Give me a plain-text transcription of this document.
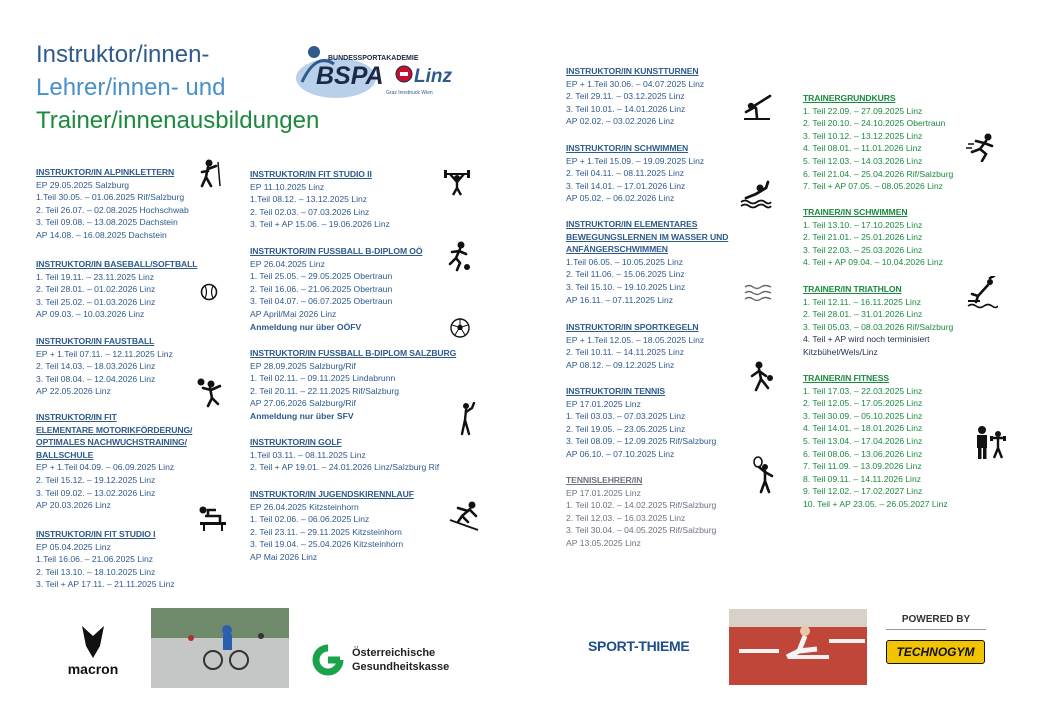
Instruktor/innen-
Lehrer/innen- und
Trainer/innenausbildungen
BUNDESSPORTAKADEMIE
BSPA Linz
Graz Innsbruck Wien
INSTRUKTOR/IN ALPINKLETTERN
EP 29.05.2025 Salzburg
1.Teil 30.05. – 01.06.2025 Rif/Salzburg
2. Teil 26.07. – 02.08.2025 Hochschwab
3. Teil 09.08. – 13.08.2025 Dachstein
AP 14.08. – 16.08.2025 Dachstein
INSTRUKTOR/IN BASEBALL/SOFTBALL
1. Teil 19.11. – 23.11.2025 Linz
2. Teil 28.01. – 01.02.2026 Linz
3. Teil 25.02. – 01.03.2026 Linz
AP 09.03. – 10.03.2026 Linz
INSTRUKTOR/IN FAUSTBALL
EP + 1.Teil 07.11. – 12.11.2025 Linz
2. Teil 14.03. – 18.03.2026 Linz
3. Teil 08.04. – 12.04.2026 Linz
AP 22.05.2026 Linz
INSTRUKTOR/IN FIT
ELEMENTARE MOTORIKFÖRDERUNG/
OPTIMALES NACHWUCHSTRAINING/
BALLSCHULE
EP + 1.Teil 04.09. – 06.09.2025 Linz
2. Teil 15.12. – 19.12.2025 Linz
3. Teil 09.02. – 13.02.2026 Linz
AP 20.03.2026 Linz
INSTRUKTOR/IN FIT STUDIO I
EP 05.04.2025 Linz
1.Teil 16.06. – 21.06.2025 Linz
2. Teil 13.10. – 18.10.2025 Linz
3. Teil + AP 17.11. – 21.11.2025 Linz
INSTRUKTOR/IN FIT STUDIO II
EP 11.10.2025 Linz
1.Teil 08.12. – 13.12.2025 Linz
2. Teil 02.03. – 07.03.2026 Linz
3. Teil + AP 15.06. – 19.06.2026 Linz
INSTRUKTOR/IN FUSSBALL B-DIPLOM OÖ
EP 26.04.2025 Linz
1. Teil 25.05. – 29.05.2025 Obertraun
2. Teil 16.06. – 21.06.2025 Obertraun
3. Teil 04.07. – 06.07.2025 Obertraun
AP April/Mai 2026 Linz
Anmeldung nur über OÖFV
INSTRUKTOR/IN FUSSBALL B-DIPLOM SALZBURG
EP 28.09.2025 Salzburg/Rif
1. Teil 02.11. – 09.11.2025 Lindabrunn
2. Teil 20.11. – 22.11.2025 Rif/Salzburg
AP 27.06.2026 Salzburg/Rif
Anmeldung nur über SFV
INSTRUKTOR/IN GOLF
1.Teil 03.11. – 08.11.2025 Linz
2. Teil + AP 19.01. – 24.01.2026 Linz/Salzburg Rif
INSTRUKTOR/IN JUGENDSKIRENNLAUF
EP 26.04.2025 Kitzsteinhorn
1. Teil 02.06. – 06.06.2025 Linz
2. Teil 23.11. – 29.11.2025 Kitzsteinhorn
3. Teil 19.04. – 25.04.2026 Kitzsteinhorn
AP Mai 2026 Linz
INSTRUKTOR/IN KUNSTTURNEN
EP + 1.Teil 30.06. – 04.07.2025 Linz
2. Teil 29.11. – 03.12.2025 Linz
3. Teil 10.01. – 14.01.2026 Linz
AP 02.02. – 03.02.2026 Linz
INSTRUKTOR/IN SCHWIMMEN
EP + 1.Teil 15.09. – 19.09.2025 Linz
2. Teil 04.11. – 08.11.2025 Linz
3. Teil 14.01. – 17.01.2026 Linz
AP 05.02. – 06.02.2026 Linz
INSTRUKTOR/IN ELEMENTARES
BEWEGUNGSLERNEN IM WASSER UND
ANFÄNGERSCHWIMMEN
1.Teil 06.05. – 10.05.2025 Linz
2. Teil 11.06. – 15.06.2025 Linz
3. Teil 15.10. – 19.10.2025 Linz
AP 16.11. – 07.11.2025 Linz
INSTRUKTOR/IN SPORTKEGELN
EP + 1.Teil 12.05. – 18.05.2025 Linz
2. Teil 10.11. – 14.11.2025 Linz
AP 08.12. – 09.12.2025 Linz
INSTRUKTOR/IN TENNIS
EP 17.01.2025 Linz
1. Teil 03.03. – 07.03.2025 Linz
2. Teil 19.05. – 23.05.2025 Linz
3. Teil 08.09. – 12.09.2025 Rif/Salzburg
AP 06.10. – 07.10.2025 Linz
TENNISLEHRER/IN
EP 17.01.2025 Linz
1. Teil 10.02. – 14.02.2025 Rif/Salzburg
2. Teil 12.03. – 16.03.2025 Linz
3. Teil 30.04. – 04.05.2025 Rif/Salzburg
AP 13.05.2025 Linz
TRAINERGRUNDKURS
1. Teil 22.09. – 27.09.2025 Linz
2. Teil 20.10. – 24.10.2025 Obertraun
3. Teil 10.12. – 13.12.2025 Linz
4. Teil 08.01. – 11.01.2026 Linz
5. Teil 12.03. – 14.03.2026 Linz
6. Teil 21.04. – 25.04.2026 Rif/Salzburg
7. Teil + AP 07.05. – 08.05.2026 Linz
TRAINER/IN SCHWIMMEN
1. Teil 13.10. – 17.10.2025 Linz
2. Teil 21.01. – 25.01.2026 Linz
3. Teil 22.03. – 25.03.2026 Linz
4. Teil + AP 09.04. – 10.04.2026 Linz
TRAINER/IN TRIATHLON
1. Teil 12.11. – 16.11.2025 Linz
2. Teil 28.01. – 31.01.2026 Linz
3. Teil 05.03. – 08.03.2026 Rif/Salzburg
4. Teil + AP wird noch terminisiert
Kitzbühel/Wels/Linz
TRAINER/IN FITNESS
1. Teil 17.03. – 22.03.2025 Linz
2. Teil 12.05. – 17.05.2025 Linz
3. Teil 30.09. – 05.10.2025 Linz
4. Teil 14.01. – 18.01.2026 Linz
5. Teil 13.04. – 17.04.2026 Linz
6. Teil 08.06. – 13.06.2026 Linz
7. Teil 11.09. – 13.09.2026 Linz
8. Teil 09.11. – 14.11.2026 Linz
9. Teil 12.02. – 17.02.2027 Linz
10. Teil + AP 23.05. – 26.05.2027 Linz
macron
Österreichische
Gesundheitskasse
SPORT-THIEME
POWERED BY
TECHNOGYM
